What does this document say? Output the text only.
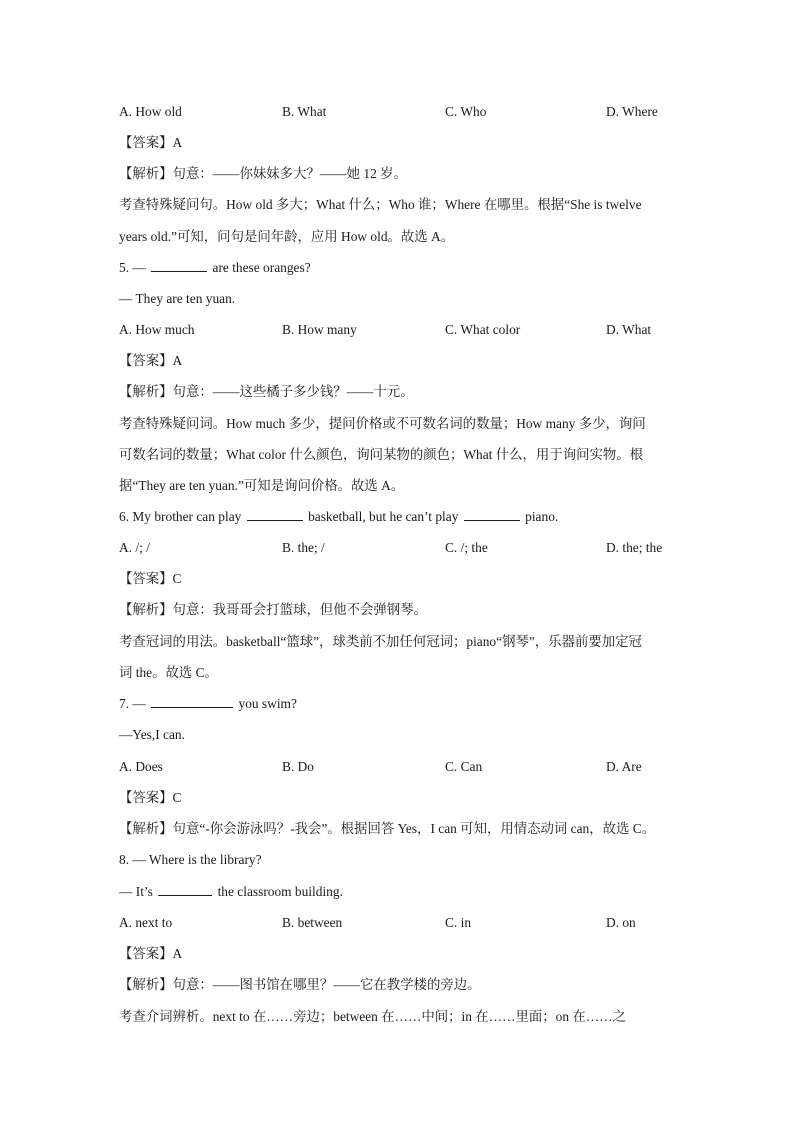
A. How old	B. What	C. Who	D. Where
【答案】A
【解析】句意：——你妹妹多大？——她 12 岁。
考查特殊疑问句。How old 多大；What 什么；Who 谁；Where 在哪里。根据“She is twelve
years old.”可知，问句是问年龄，应用 How old。故选 A。
5. —	are these oranges?
— They are ten yuan.
A. How much	B. How many	C. What color	D. What
【答案】A
【解析】句意：——这些橘子多少钱？——十元。
考查特殊疑问词。How much 多少，提问价格或不可数名词的数量；How many 多少，询问
可数名词的数量；What color 什么颜色，询问某物的颜色；What 什么，用于询问实物。根
据“They are ten yuan.”可知是询问价格。故选 A。
6. My brother can play	basketball, but he can’t play	piano.
A. /; /	B. the; /	C. /; the	D. the; the
【答案】C
【解析】句意：我哥哥会打篮球，但他不会弹钢琴。
考查冠词的用法。basketball“篮球”，球类前不加任何冠词；piano“钢琴”，乐器前要加定冠
词 the。故选 C。
7. —	you swim?
—Yes,I can.
A. Does	B. Do	C. Can	D. Are
【答案】C
【解析】句意“-你会游泳吗？-我会”。根据回答 Yes，I can 可知，用情态动词 can，故选 C。
8. — Where is the library?
— It’s	the classroom building.
A. next to	B. between	C. in	D. on
【答案】A
【解析】句意：——图书馆在哪里？——它在教学楼的旁边。
考查介词辨析。next to 在……旁边；between 在……中间；in 在……里面；on 在……之
